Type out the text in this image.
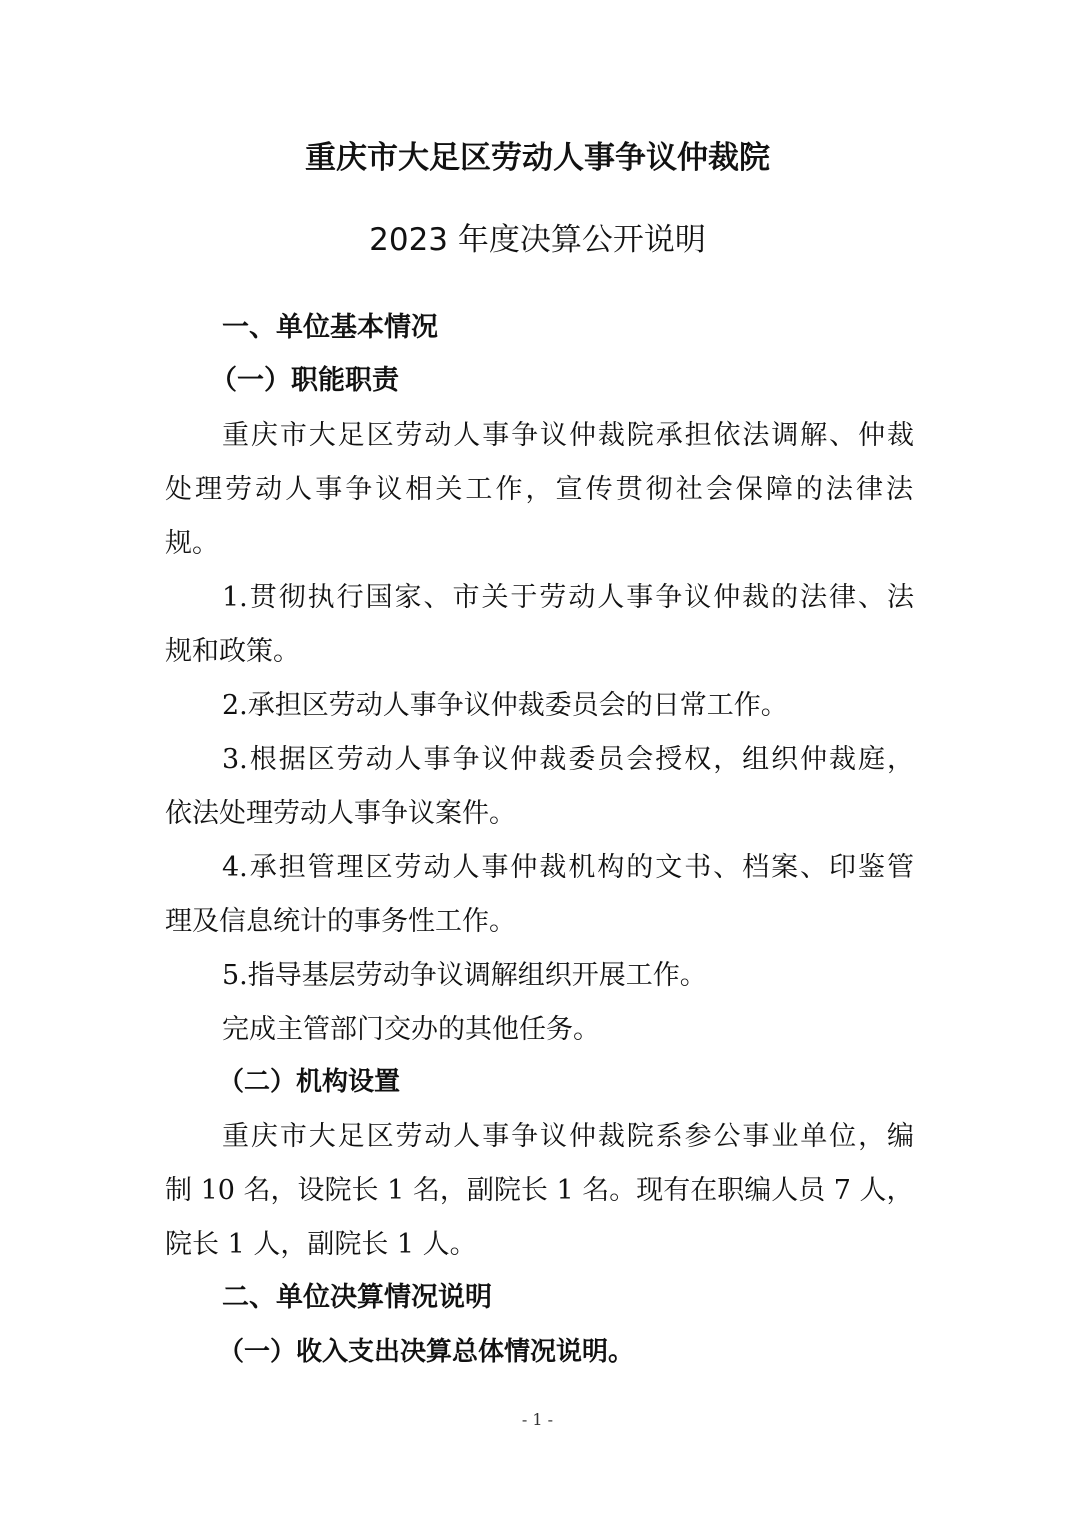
重庆市大足区劳动人事争议仲裁院
2023 年度决算公开说明
一、单位基本情况
（一）职能职责
重庆市大足区劳动人事争议仲裁院承担依法调解、仲裁
处理劳动人事争议相关工作，宣传贯彻社会保障的法律法
规。
1.贯彻执行国家、市关于劳动人事争议仲裁的法律、法
规和政策。
2.承担区劳动人事争议仲裁委员会的日常工作。
3.根据区劳动人事争议仲裁委员会授权，组织仲裁庭，
依法处理劳动人事争议案件。
4.承担管理区劳动人事仲裁机构的文书、档案、印鉴管
理及信息统计的事务性工作。
5.指导基层劳动争议调解组织开展工作。
完成主管部门交办的其他任务。
（二）机构设置
重庆市大足区劳动人事争议仲裁院系参公事业单位，编
制 10 名，设院长 1 名，副院长 1 名。现有在职编人员 7 人，
院长 1 人，副院长 1 人。
二、单位决算情况说明
（一）收入支出决算总体情况说明。
- 1 -
